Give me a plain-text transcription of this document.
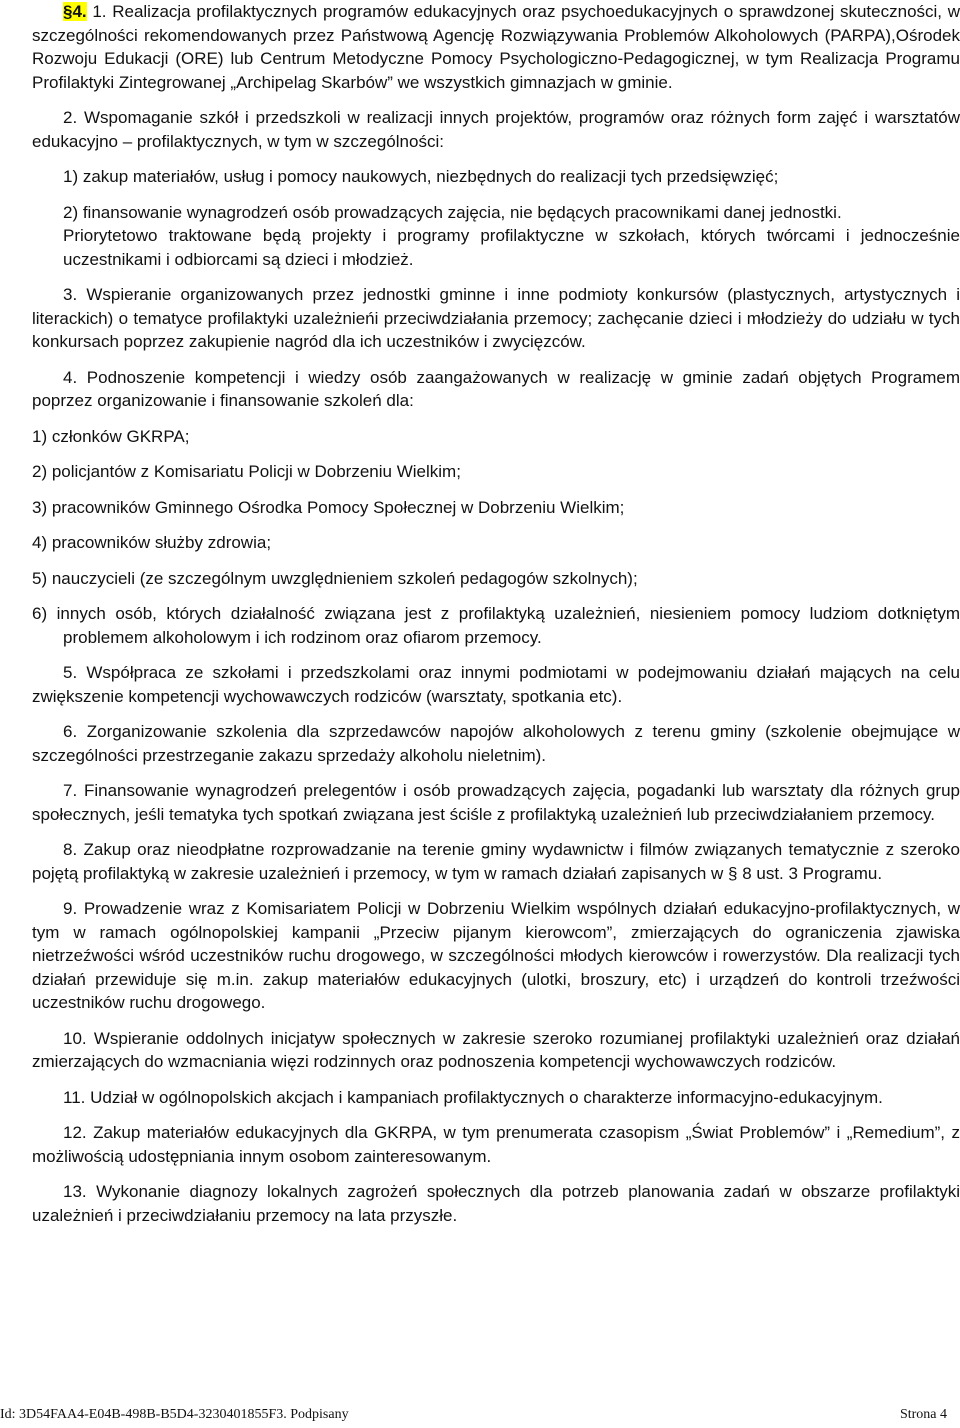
§4. 1. Realizacja profilaktycznych programów edukacyjnych oraz psychoedukacyjnych o sprawdzonej skuteczności, w szczególności rekomendowanych przez Państwową Agencję Rozwiązywania Problemów Alkoholowych (PARPA),Ośrodek Rozwoju Edukacji (ORE) lub Centrum Metodyczne Pomocy Psychologiczno-Pedagogicznej, w tym Realizacja Programu Profilaktyki Zintegrowanej „Archipelag Skarbów” we wszystkich gimnazjach w gminie.

2. Wspomaganie szkół i przedszkoli w realizacji innych projektów, programów oraz różnych form zajęć i warsztatów edukacyjno – profilaktycznych, w tym w szczególności:

1) zakup materiałów, usług i pomocy naukowych, niezbędnych do realizacji tych przedsięwzięć;

2) finansowanie wynagrodzeń osób prowadzących zajęcia, nie będących pracownikami danej jednostki.

Priorytetowo traktowane będą projekty i programy profilaktyczne w szkołach, których twórcami i jednocześnie uczestnikami i odbiorcami są dzieci i młodzież.

3. Wspieranie organizowanych przez jednostki gminne i inne podmioty konkursów (plastycznych, artystycznych i literackich) o tematyce profilaktyki uzależnieńi przeciwdziałania przemocy; zachęcanie dzieci i młodzieży do udziału w tych konkursach poprzez zakupienie nagród dla ich uczestników i zwycięzców.

4. Podnoszenie kompetencji i wiedzy osób zaangażowanych w realizację w gminie zadań objętych Programem poprzez organizowanie i finansowanie szkoleń dla:

1) członków GKRPA;

2) policjantów z Komisariatu Policji w Dobrzeniu Wielkim;

3) pracowników Gminnego Ośrodka Pomocy Społecznej w Dobrzeniu Wielkim;

4) pracowników służby zdrowia;

5) nauczycieli (ze szczególnym uwzględnieniem szkoleń pedagogów szkolnych);

6) innych osób, których działalność związana jest z profilaktyką uzależnień, niesieniem pomocy ludziom dotkniętym problemem alkoholowym i ich rodzinom oraz ofiarom przemocy.

5. Współpraca ze szkołami i przedszkolami oraz innymi podmiotami w podejmowaniu działań mających na celu zwiększenie kompetencji wychowawczych rodziców (warsztaty, spotkania etc).

6. Zorganizowanie szkolenia dla szprzedawców napojów alkoholowych z terenu gminy (szkolenie obejmujące w szczególności przestrzeganie zakazu sprzedaży alkoholu nieletnim).

7. Finansowanie wynagrodzeń prelegentów i osób prowadzących zajęcia, pogadanki lub warsztaty dla różnych grup społecznych, jeśli tematyka tych spotkań związana jest ściśle z profilaktyką uzależnień lub przeciwdziałaniem przemocy.

8. Zakup oraz nieodpłatne rozprowadzanie na terenie gminy wydawnictw i filmów związanych tematycznie z szeroko pojętą profilaktyką w zakresie uzależnień i przemocy, w tym w ramach działań zapisanych w § 8 ust. 3 Programu.

9. Prowadzenie wraz z Komisariatem Policji w Dobrzeniu Wielkim wspólnych działań edukacyjno-profilaktycznych, w tym w ramach ogólnopolskiej kampanii „Przeciw pijanym kierowcom”, zmierzających do ograniczenia zjawiska nietrzeźwości wśród uczestników ruchu drogowego, w szczególności młodych kierowców i rowerzystów. Dla realizacji tych działań przewiduje się m.in. zakup materiałów edukacyjnych (ulotki, broszury, etc) i urządzeń do kontroli trzeźwości uczestników ruchu drogowego.

10. Wspieranie oddolnych inicjatyw społecznych w zakresie szeroko rozumianej profilaktyki uzależnień oraz działań zmierzających do wzmacniania więzi rodzinnych oraz podnoszenia kompetencji wychowawczych rodziców.

11. Udział w ogólnopolskich akcjach i kampaniach profilaktycznych o charakterze informacyjno-edukacyjnym.

12. Zakup materiałów edukacyjnych dla GKRPA, w tym prenumerata czasopism „Świat Problemów” i „Remedium”, z możliwością udostępniania innym osobom zainteresowanym.

13. Wykonanie diagnozy lokalnych zagrożeń społecznych dla potrzeb planowania zadań w obszarze profilaktyki uzależnień i przeciwdziałaniu przemocy na lata przyszłe.

Id: 3D54FAA4-E04B-498B-B5D4-3230401855F3. Podpisany	Strona 4
